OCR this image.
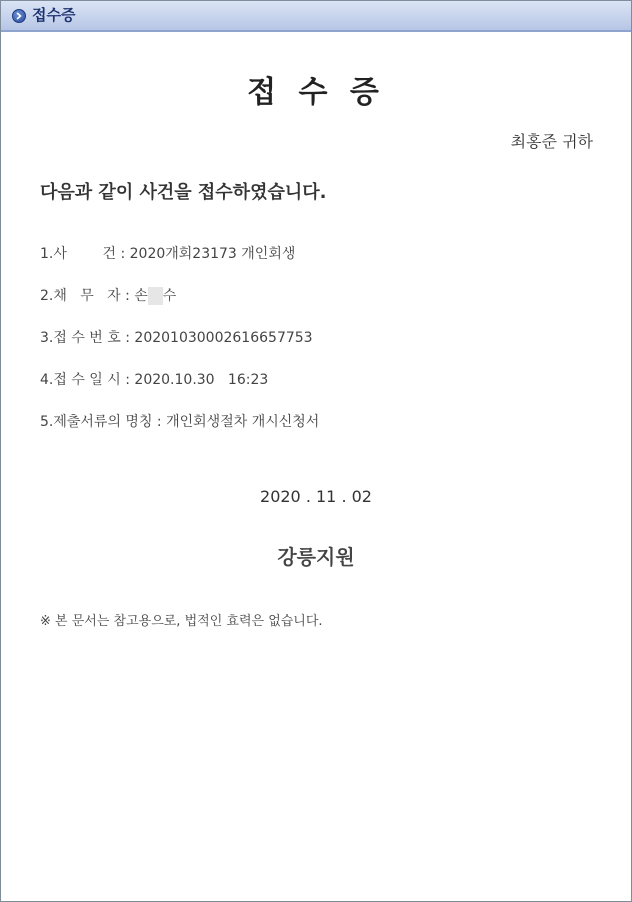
접수증
접 수 증
최홍준 귀하
다음과 같이 사건을 접수하였습니다.
1.사        건 : 2020개회23173 개인회생
2.채   무   자 : 손 수
3.접 수 번 호 : 20201030002616657753
4.접 수 일 시 : 2020.10.30   16:23
5.제출서류의 명칭 : 개인회생절차 개시신청서
2020 . 11 . 02
강릉지원
※ 본 문서는 참고용으로, 법적인 효력은 없습니다.
